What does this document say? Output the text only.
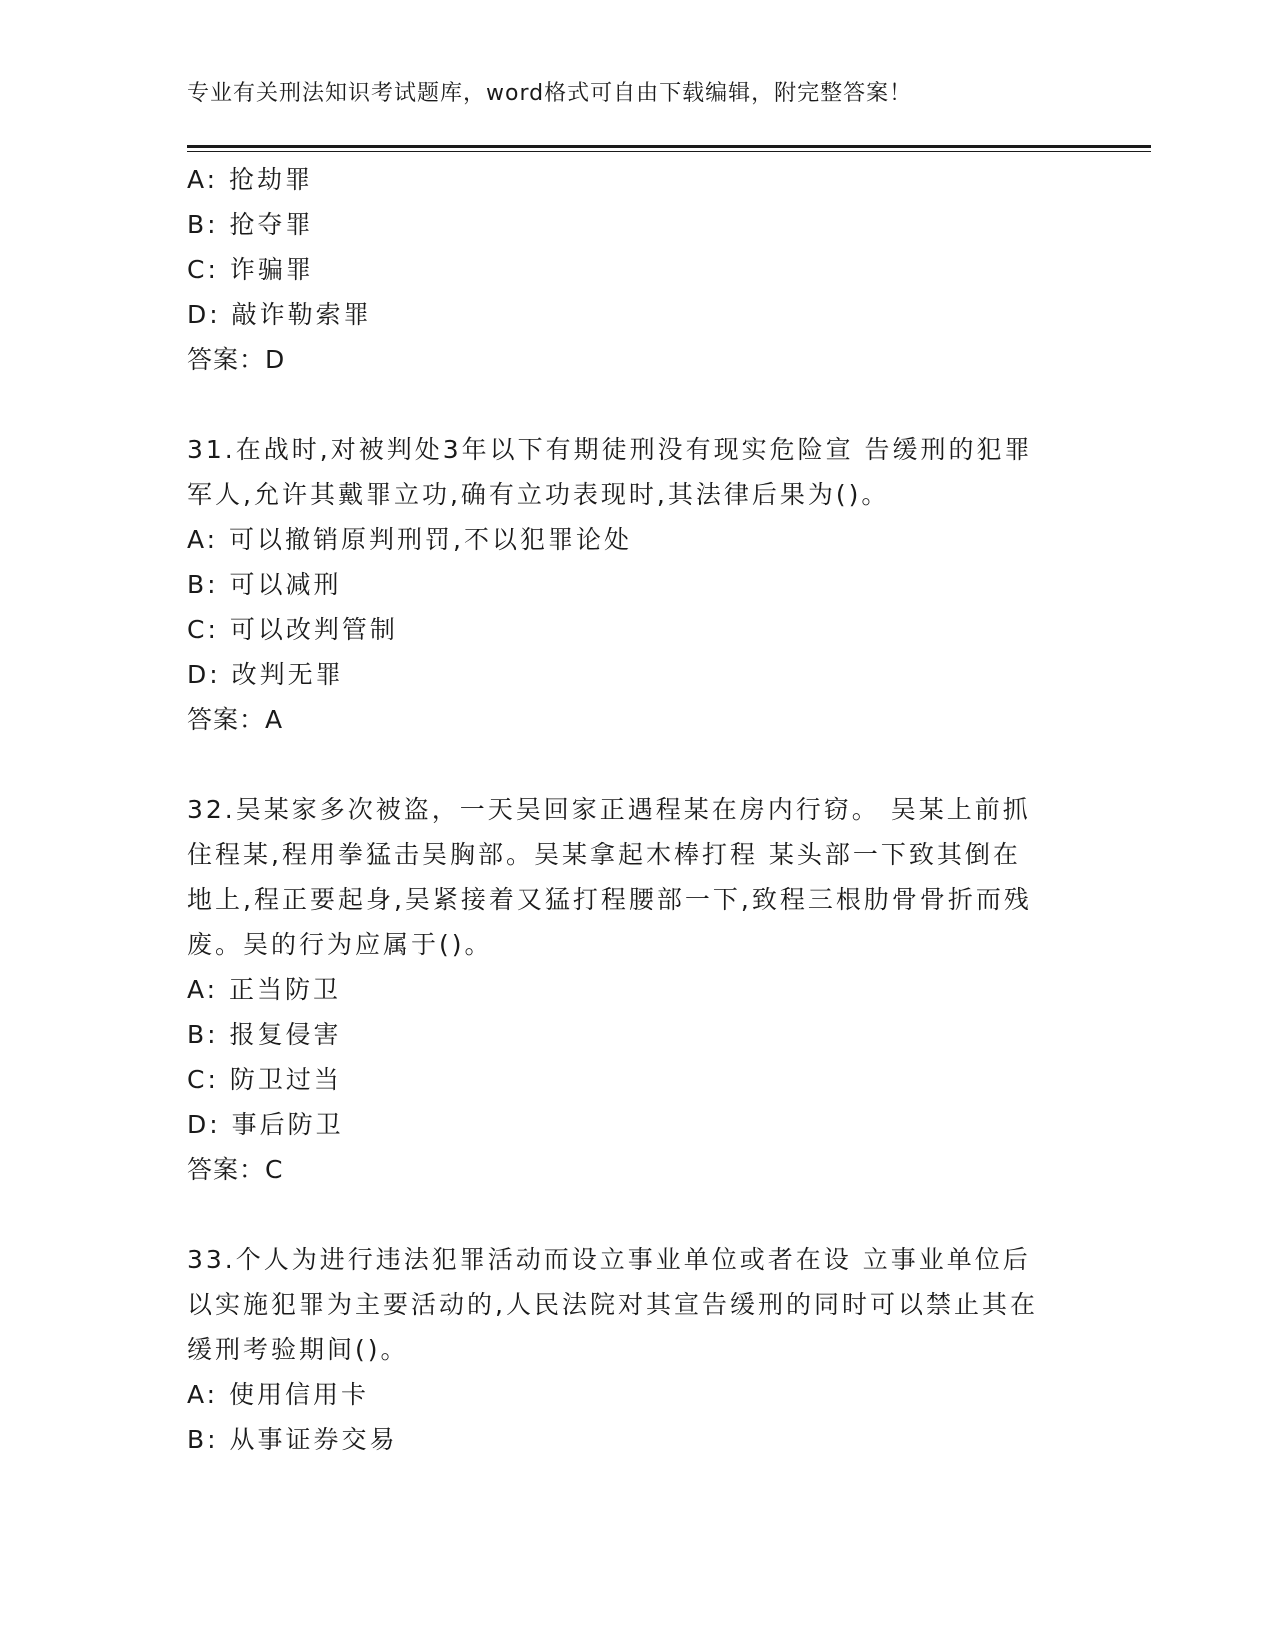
专业有关刑法知识考试题库，word格式可自由下载编辑，附完整答案！
A: 抢劫罪
B: 抢夺罪
C: 诈骗罪
D: 敲诈勒索罪
答案：D
31.在战时,对被判处3年以下有期徒刑没有现实危险宣 告缓刑的犯罪
军人,允许其戴罪立功,确有立功表现时,其法律后果为()。
A: 可以撤销原判刑罚,不以犯罪论处
B: 可以减刑
C: 可以改判管制
D: 改判无罪
答案：A
32.吴某家多次被盗，一天吴回家正遇程某在房内行窃。 吴某上前抓
住程某,程用拳猛击吴胸部。吴某拿起木棒打程 某头部一下致其倒在
地上,程正要起身,吴紧接着又猛打程腰部一下,致程三根肋骨骨折而残
废。吴的行为应属于()。
A: 正当防卫
B: 报复侵害
C: 防卫过当
D: 事后防卫
答案：C
33.个人为进行违法犯罪活动而设立事业单位或者在设 立事业单位后
以实施犯罪为主要活动的,人民法院对其宣告缓刑的同时可以禁止其在
缓刑考验期间()。
A: 使用信用卡
B: 从事证券交易
